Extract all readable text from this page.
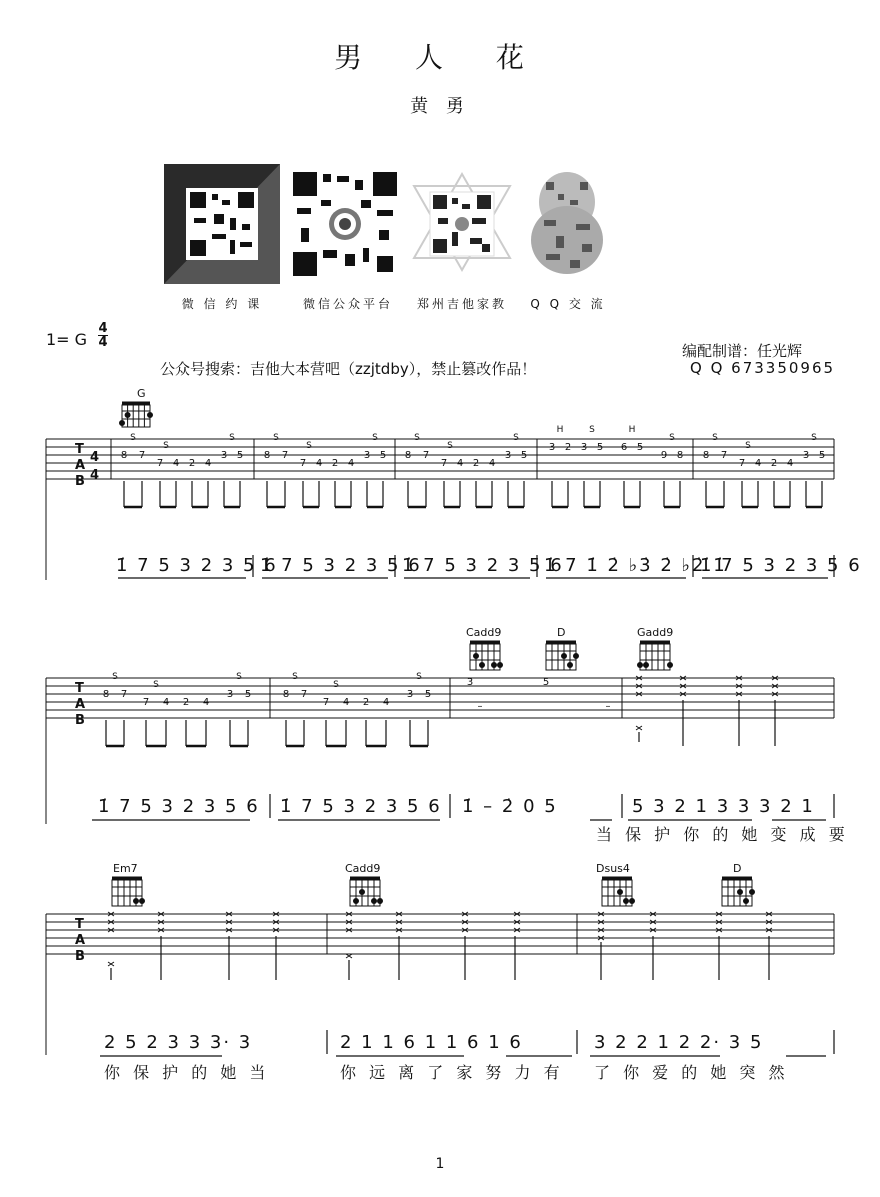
男 人 花
黄 勇
微 信 约 课	微信公众平台	郑州吉他家教	Q Q 交 流
1= G
4
4	编配制谱：任光辉
公众号搜索：吉他大本营吧（zzjtdby），禁止篡改作品！	Q Q 673350965
T
A
B
4
4
8 7
7 4 2 4
3 5
S
S
S
8 7
7 4 2 4
3 5
S
S
S
8 7
7 4 2 4
3 5
S
S
S
3 2 3 5 6 5
9 8
H	S	H
S
8 7
7 4 2 4
3 5
S
S
S
G
1̇ 7 5 3 2 3 5 6
1̇ 7 5 3 2 3 5 6
1̇ 7 5 3 2 3 5 6
1̇ 7 1̇ 2̇ ♭3̇ 2̇ ♭2̇ 1̇
1̇ 7 5 3 2 3 5 6
T
A
B
8 7
7 4 2 4
3 5
S
S
S
8 7
7 4 2 4
3 5
S
S
S	3	5
–	–
Cadd9	D	Gadd9
1̇ 7 5 3 2 3 5 6 1̇ 7 5 3 2 3 5 6 1̇ – 2̇ 0 5	5 3 2 1 3 3 3 2 1
当 保 护 你 的 她 变 成 要
T
A
B
Em7	Cadd9	Dsus4	D
2 5 2 3 3 3· 3	2 1 1 6 1 1 6 1 6	3 2 2 1 2 2· 3 5
你 保 护 的 她 当	你 远 离 了 家 努 力 有 了 你 爱 的 她 突 然
1
